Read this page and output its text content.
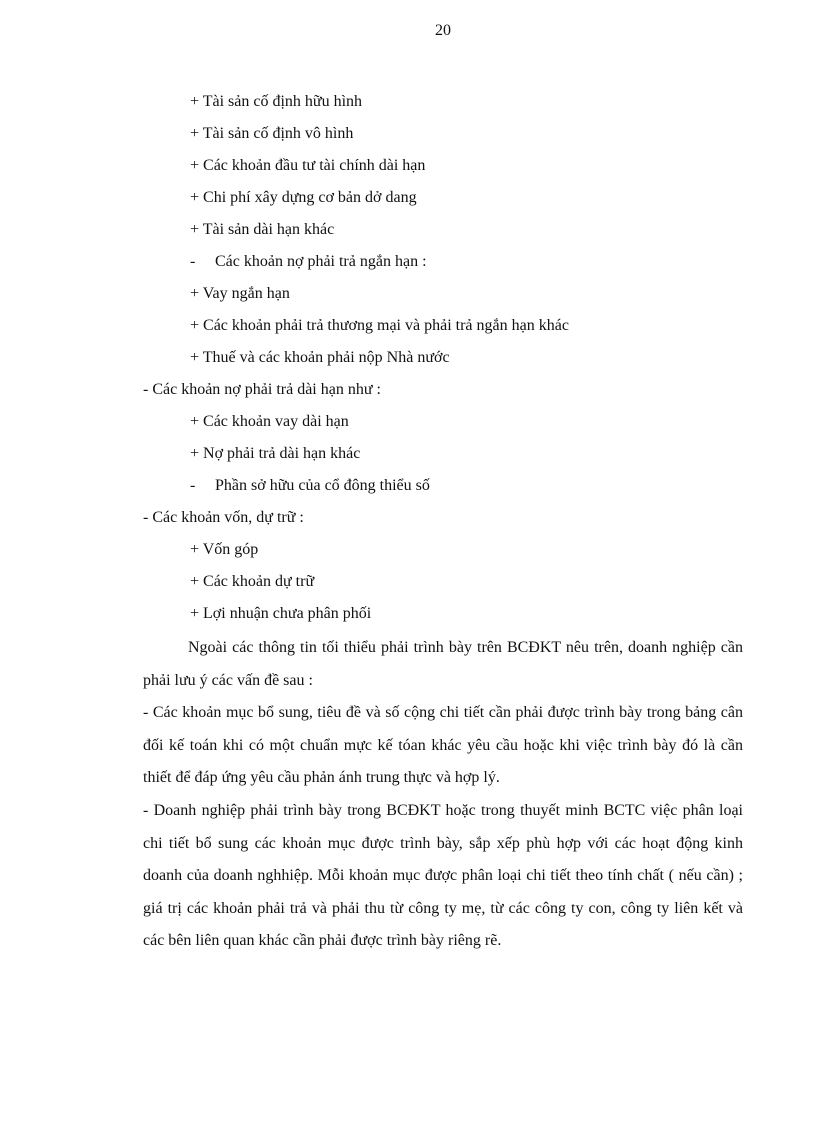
20
+ Tài sản cố định hữu hình
+ Tài sản cố định vô hình
+ Các khoản đầu tư tài chính dài hạn
+ Chi phí xây dựng cơ bản dở dang
+ Tài sản dài hạn khác
- Các khoản nợ phải trả ngắn hạn :
+ Vay ngắn hạn
+ Các khoản phải trả thương mại và phải trả ngắn hạn khác
+ Thuế và các khoản phải nộp Nhà nước
- Các khoản nợ phải trả dài hạn như :
+ Các khoản vay dài hạn
+ Nợ phải trả dài hạn khác
- Phần sở hữu của cổ đông thiểu số
- Các khoản vốn, dự trữ :
+ Vốn góp
+ Các khoản dự trữ
+ Lợi nhuận chưa phân phối

Ngoài các thông tin tối thiểu phải trình bày trên BCĐKT nêu trên, doanh nghiệp cần phải lưu ý các vấn đề sau :

- Các khoản mục bổ sung, tiêu đề và số cộng chi tiết cần phải được trình bày trong bảng cân đối kế toán khi có một chuẩn mực kế tóan khác yêu cầu hoặc khi việc trình bày đó là cần thiết để đáp ứng yêu cầu phản ánh trung thực và hợp lý.

- Doanh nghiệp phải trình bày trong BCĐKT hoặc trong thuyết minh BCTC việc phân loại chi tiết bổ sung các khoản mục được trình bày, sắp xếp phù hợp với các hoạt động kinh doanh của doanh nghhiệp. Mỗi khoản mục được phân loại chi tiết theo tính chất ( nếu cần) ; giá trị các khoản phải trả và phải thu từ công ty mẹ, từ các công ty con, công ty liên kết và các bên liên quan khác cần phải được trình bày riêng rẽ.
